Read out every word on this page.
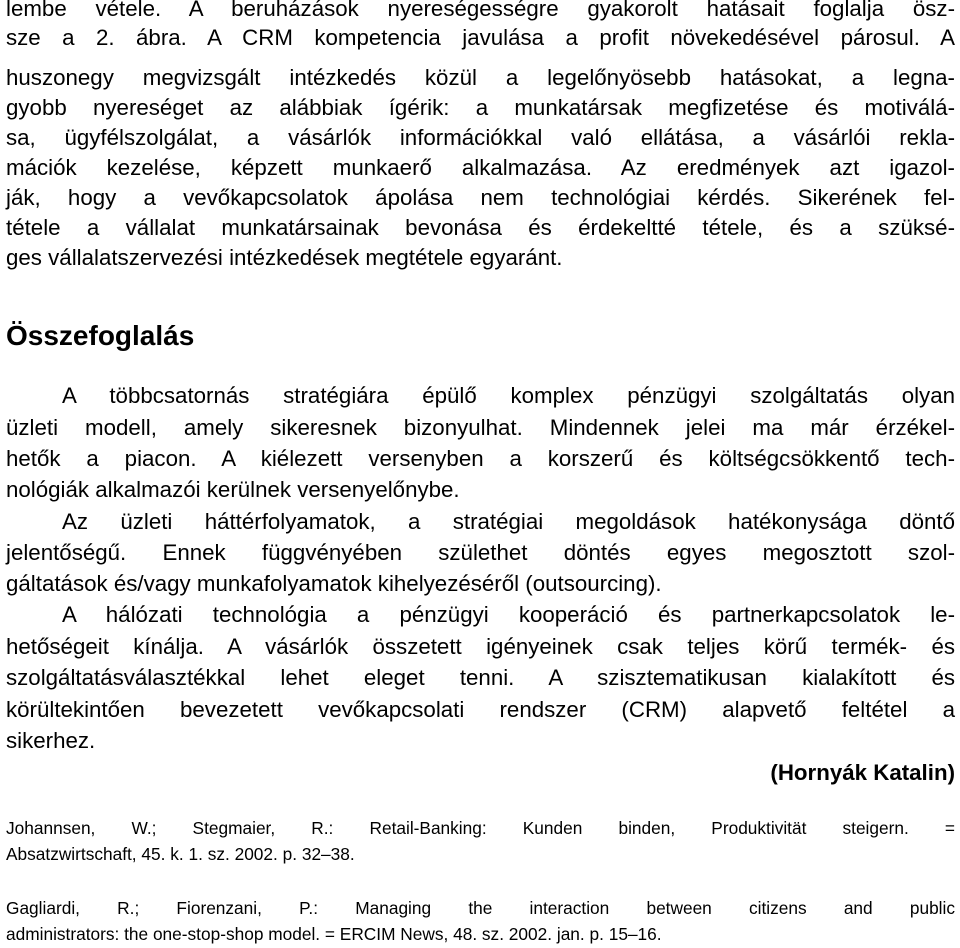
lembe vétele. A beruházások nyereségességre gyakorolt hatásait foglalja ösz-
sze a 2. ábra. A CRM kompetencia javulása a profit növekedésével párosul. A
huszonegy megvizsgált intézkedés közül a legelőnyösebb hatásokat, a legna-
gyobb nyereséget az alábbiak ígérik: a munkatársak megfizetése és motiválá-
sa, ügyfélszolgálat, a vásárlók információkkal való ellátása, a vásárlói rekla-
mációk kezelése, képzett munkaerő alkalmazása. Az eredmények azt igazol-
ják, hogy a vevőkapcsolatok ápolása nem technológiai kérdés. Sikerének fel-
tétele a vállalat munkatársainak bevonása és érdekeltté tétele, és a szüksé-
ges vállalatszervezési intézkedések megtétele egyaránt.
Összefoglalás
A többcsatornás stratégiára épülő komplex pénzügyi szolgáltatás olyan
üzleti modell, amely sikeresnek bizonyulhat. Mindennek jelei ma már érzékel-
hetők a piacon. A kiélezett versenyben a korszerű és költségcsökkentő tech-
nológiák alkalmazói kerülnek versenyelőnybe.
Az üzleti háttérfolyamatok, a stratégiai megoldások hatékonysága döntő
jelentőségű. Ennek függvényében születhet döntés egyes megosztott szol-
gáltatások és/vagy munkafolyamatok kihelyezéséről (outsourcing).
A hálózati technológia a pénzügyi kooperáció és partnerkapcsolatok le-
hetőségeit kínálja. A vásárlók összetett igényeinek csak teljes körű termék- és
szolgáltatásválasztékkal lehet eleget tenni. A szisztematikusan kialakított és
körültekintően bevezetett vevőkapcsolati rendszer (CRM) alapvető feltétel a
sikerhez.
(Hornyák Katalin)
Johannsen, W.; Stegmaier, R.: Retail-Banking: Kunden binden, Produktivität steigern. =
Absatzwirtschaft, 45. k. 1. sz. 2002. p. 32–38.
Gagliardi, R.; Fiorenzani, P.: Managing the interaction between citizens and public
administrators: the one-stop-shop model. = ERCIM News, 48. sz. 2002. jan. p. 15–16.
